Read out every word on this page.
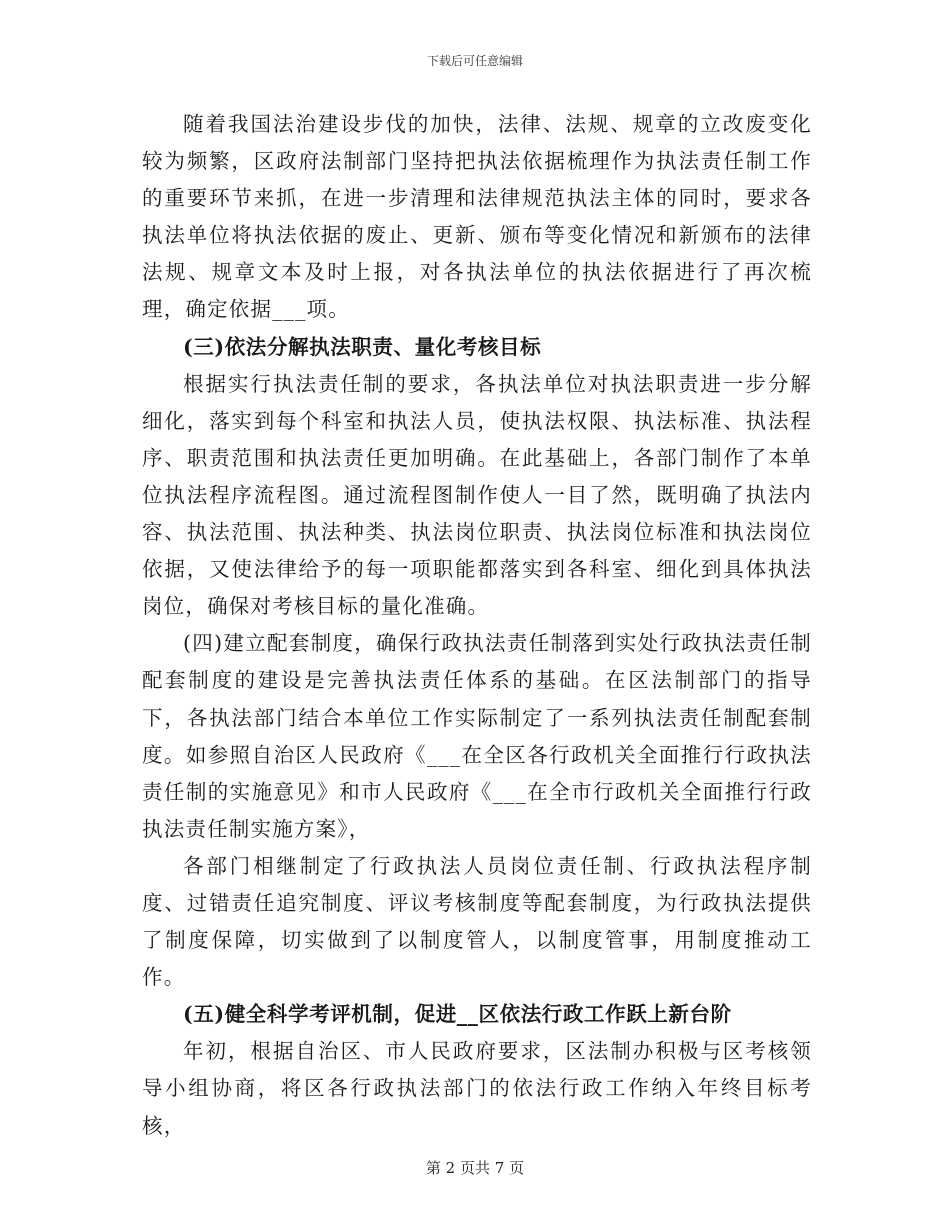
下载后可任意编辑

随着我国法治建设步伐的加快，法律、法规、规章的立改废变化较为频繁，区政府法制部门坚持把执法依据梳理作为执法责任制工作的重要环节来抓，在进一步清理和法律规范执法主体的同时，要求各执法单位将执法依据的废止、更新、颁布等变化情况和新颁布的法律法规、规章文本及时上报，对各执法单位的执法依据进行了再次梳理，确定依据___项。

(三)依法分解执法职责、量化考核目标

根据实行执法责任制的要求，各执法单位对执法职责进一步分解细化，落实到每个科室和执法人员，使执法权限、执法标准、执法程序、职责范围和执法责任更加明确。在此基础上，各部门制作了本单位执法程序流程图。通过流程图制作使人一目了然，既明确了执法内容、执法范围、执法种类、执法岗位职责、执法岗位标准和执法岗位依据，又使法律给予的每一项职能都落实到各科室、细化到具体执法岗位，确保对考核目标的量化准确。

(四)建立配套制度，确保行政执法责任制落到实处行政执法责任制配套制度的建设是完善执法责任体系的基础。在区法制部门的指导下，各执法部门结合本单位工作实际制定了一系列执法责任制配套制度。如参照自治区人民政府《___在全区各行政机关全面推行行政执法责任制的实施意见》和市人民政府《___在全市行政机关全面推行行政执法责任制实施方案》，

各部门相继制定了行政执法人员岗位责任制、行政执法程序制度、过错责任追究制度、评议考核制度等配套制度，为行政执法提供了制度保障，切实做到了以制度管人，以制度管事，用制度推动工作。

(五)健全科学考评机制，促进__区依法行政工作跃上新台阶

年初，根据自治区、市人民政府要求，区法制办积极与区考核领导小组协商，将区各行政执法部门的依法行政工作纳入年终目标考核，

第 2 页共 7 页
